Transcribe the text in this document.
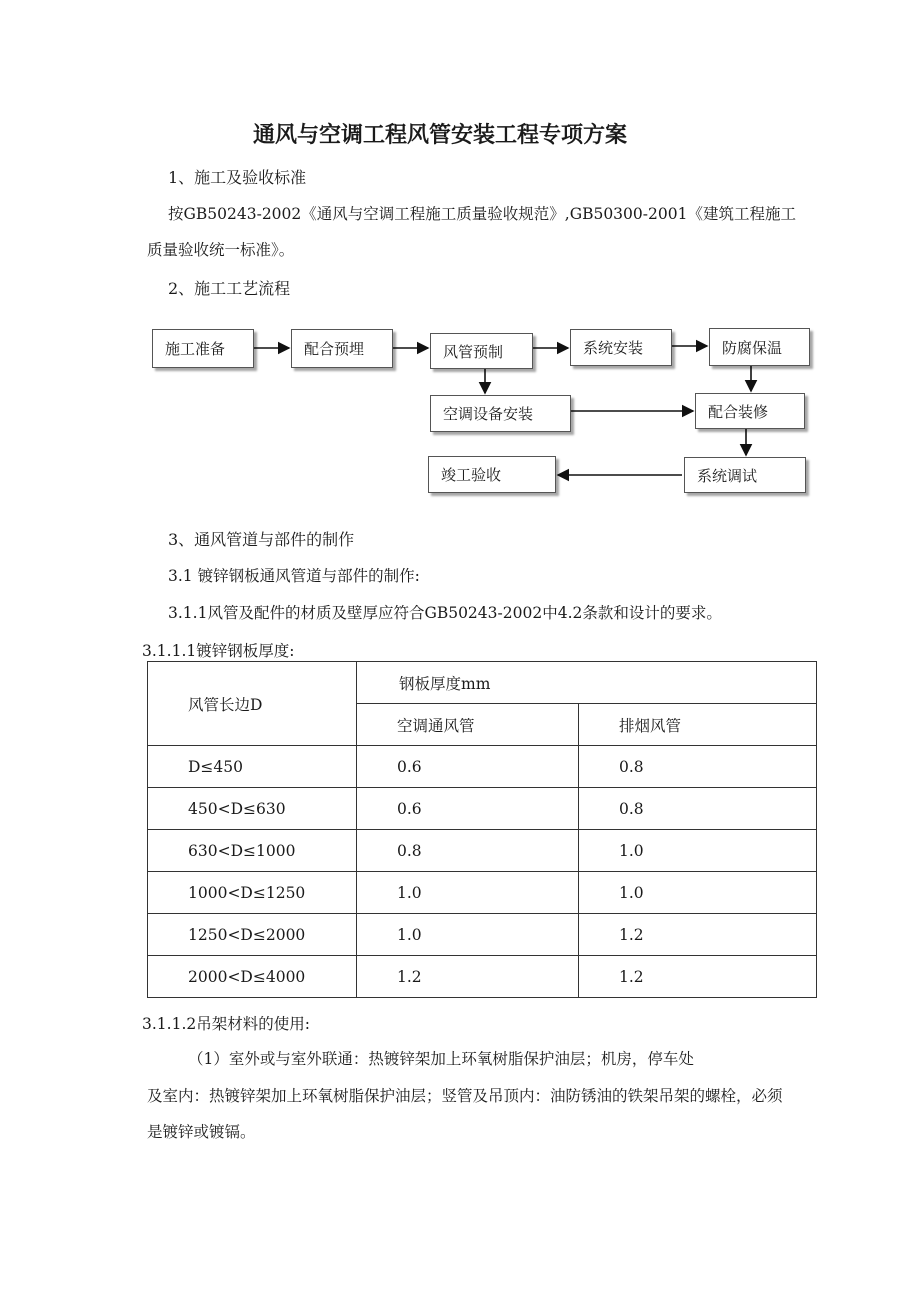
通风与空调工程风管安装工程专项方案
1、施工及验收标准
按GB50243-2002《通风与空调工程施工质量验收规范》,GB50300-2001《建筑工程施工
质量验收统一标准》。
2、施工工艺流程
施工准备	配合预埋	风管预制	系统安装	防腐保温
空调设备安装	配合装修
竣工验收	系统调试
3、通风管道与部件的制作
3.1 镀锌钢板通风管道与部件的制作:
3.1.1风管及配件的材质及壁厚应符合GB50243-2002中4.2条款和设计的要求。
3.1.1.1镀锌钢板厚度:
风管长边D	钢板厚度mm	
	空调通风管	排烟风管
D≤450	0.6	0.8
450<D≤630	0.6	0.8
630<D≤1000	0.8	1.0
1000<D≤1250	1.0	1.0
1250<D≤2000	1.0	1.2
2000<D≤4000	1.2	1.2
3.1.1.2吊架材料的使用:
（1）室外或与室外联通：热镀锌架加上环氧树脂保护油层；机房，停车处
及室内：热镀锌架加上环氧树脂保护油层；竖管及吊顶内：油防锈油的铁架吊架的螺栓，必须
是镀锌或镀镉。
